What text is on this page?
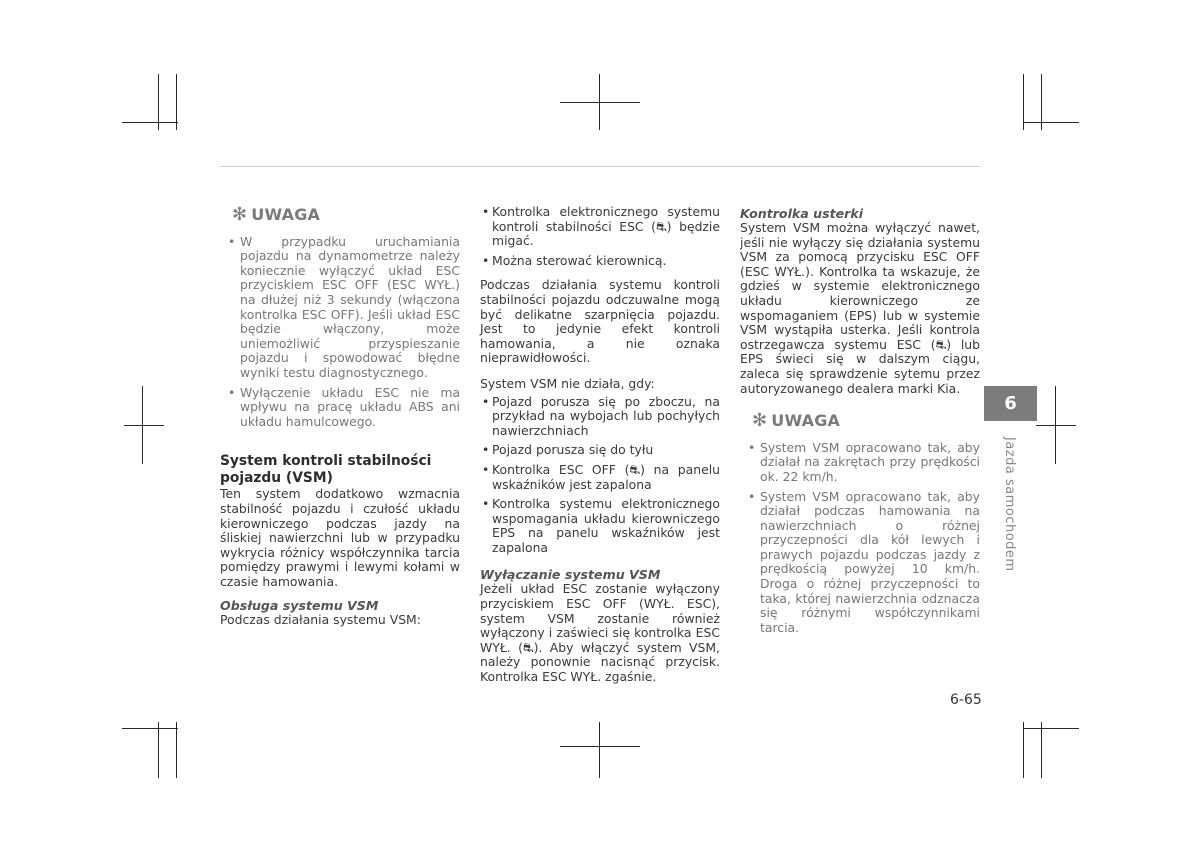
✻ UWAGA
• W przypadku uruchamiania pojazdu na dynamometrze należy koniecznie wyłączyć układ ESC przyciskiem ESC OFF (ESC WYŁ.) na dłużej niż 3 sekundy (włączona kontrolka ESC OFF). Jeśli układ ESC będzie włączony, może uniemożliwić przyspieszanie pojazdu i spowodować błędne wyniki testu diagnostycznego.

• Wyłączenie układu ESC nie ma wpływu na pracę układu ABS ani układu hamulcowego.

System kontroli stabilności pojazdu (VSM)

Ten system dodatkowo wzmacnia stabilność pojazdu i czułość układu kierowniczego podczas jazdy na śliskiej nawierzchni lub w przypadku wykrycia różnicy współczynnika tarcia pomiędzy prawymi i lewymi kołami w czasie hamowania.

Obsługa systemu VSM

Podczas działania systemu VSM:

• Kontrolka elektronicznego systemu kontroli stabilności ESC (⛐) będzie migać.

• Można sterować kierownicą.

Podczas działania systemu kontroli stabilności pojazdu odczuwalne mogą być delikatne szarpnięcia pojazdu. Jest to jedynie efekt kontroli hamowania, a nie oznaka nieprawidłowości.

System VSM nie działa, gdy:

• Pojazd porusza się po zboczu, na przykład na wybojach lub pochyłych nawierzchniach

• Pojazd porusza się do tyłu

• Kontrolka ESC OFF (⛐) na panelu wskaźników jest zapalona

• Kontrolka systemu elektronicznego wspomagania układu kierowniczego EPS na panelu wskaźników jest zapalona

Wyłączanie systemu VSM

Jeżeli układ ESC zostanie wyłączony przyciskiem ESC OFF (WYŁ. ESC), system VSM zostanie również wyłączony i zaświeci się kontrolka ESC WYŁ. (⛐). Aby włączyć system VSM, należy ponownie nacisnąć przycisk. Kontrolka ESC WYŁ. zgaśnie.

Kontrolka usterki

System VSM można wyłączyć nawet, jeśli nie wyłączy się działania systemu VSM za pomocą przycisku ESC OFF (ESC WYŁ.). Kontrolka ta wskazuje, że gdzieś w systemie elektronicznego układu kierowniczego ze wspomaganiem (EPS) lub w systemie VSM wystąpiła usterka. Jeśli kontrola ostrzegawcza systemu ESC (⛐) lub EPS świeci się w dalszym ciągu, zaleca się sprawdzenie sytemu przez autoryzowanego dealera marki Kia.

✻ UWAGA
• System VSM opracowano tak, aby działał na zakrętach przy prędkości ok. 22 km/h.

• System VSM opracowano tak, aby działał podczas hamowania na nawierzchniach o różnej przyczepności dla kół lewych i prawych pojazdu podczas jazdy z prędkością powyżej 10 km/h. Droga o różnej przyczepności to taka, której nawierzchnia odznacza się różnymi współczynnikami tarcia.

6
Jazda samochodem
6-65
